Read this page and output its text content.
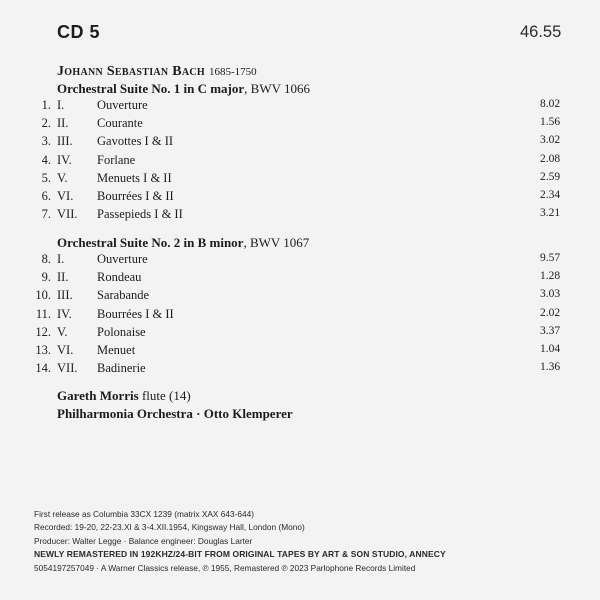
CD 5	46.55
Johann Sebastian Bach 1685-1750
Orchestral Suite No. 1 in C major, BWV 1066
1. I.	Ouverture	8.02
2. II. Courante	1.56
3. III. Gavottes I & II	3.02
4. IV. Forlane	2.08
5. V. Menuets I & II	2.59
6. VI. Bourrées I & II	2.34
7. VII. Passepieds I & II	3.21
Orchestral Suite No. 2 in B minor, BWV 1067
8. I.	Ouverture	9.57
9. II. Rondeau	1.28
10. III. Sarabande	3.03
11. IV. Bourrées I & II	2.02
12. V. Polonaise	3.37
13. VI. Menuet	1.04
14. VII. Badinerie	1.36
Gareth Morris flute (14)
Philharmonia Orchestra · Otto Klemperer
First release as Columbia 33CX 1239 (matrix XAX 643-644)
Recorded: 19-20, 22-23.XI & 3-4.XII.1954, Kingsway Hall, London (Mono)
Producer: Walter Legge · Balance engineer: Douglas Larter
NEWLY REMASTERED IN 192KHZ/24-BIT FROM ORIGINAL TAPES BY ART & SON STUDIO, ANNECY
5054197257049 · A Warner Classics release, ℗ 1955, Remastered ℗ 2023 Parlophone Records Limited
